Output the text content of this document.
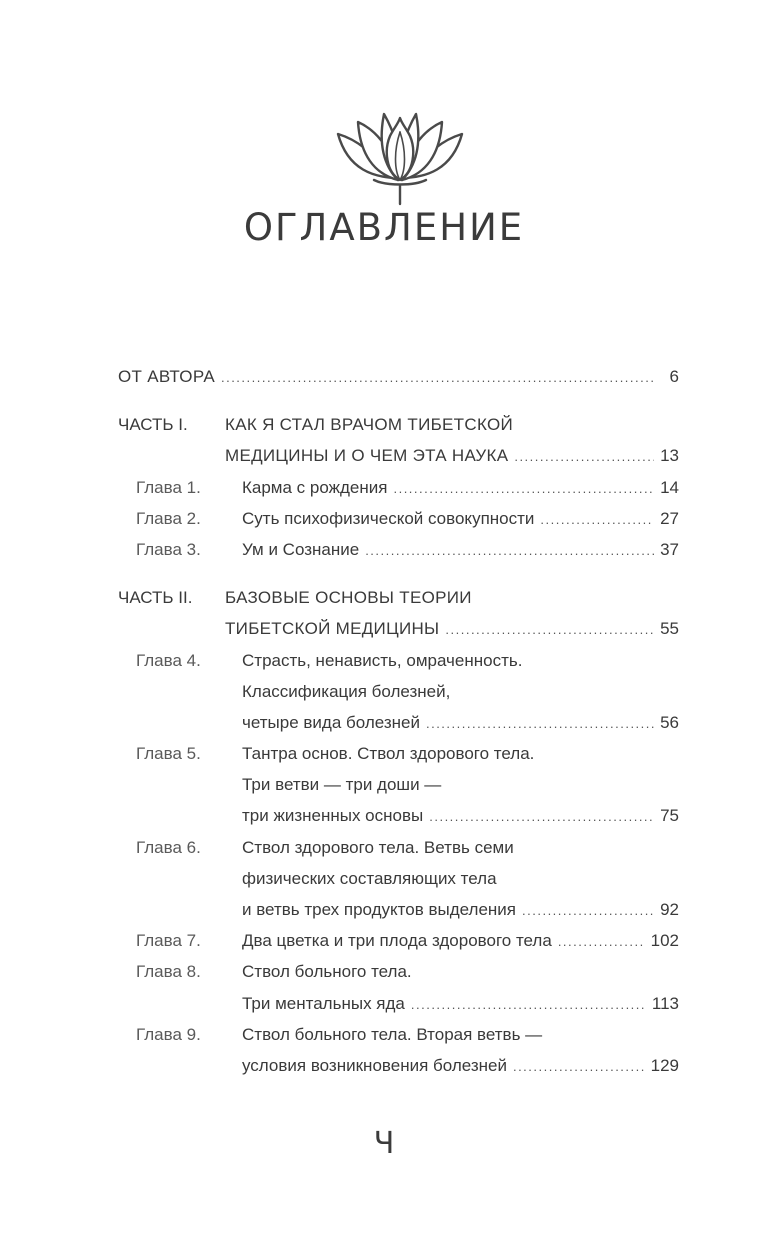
ОГЛАВЛЕНИЕ
ОТ АВТОРА .....	6
ЧАСТЬ I.	КАК Я СТАЛ ВРАЧОМ ТИБЕТСКОЙ
МЕДИЦИНЫ И О ЧЕМ ЭТА НАУКА .....	13
Глава 1.	Карма с рождения .....	14
Глава 2.	Суть психофизической совокупности .....	27
Глава 3.	Ум и Сознание .....	37
ЧАСТЬ II.	БАЗОВЫЕ ОСНОВЫ ТЕОРИИ
ТИБЕТСКОЙ МЕДИЦИНЫ .....	55
Глава 4.	Страсть, ненависть, омраченность.
Классификация болезней,
четыре вида болезней .....	56
Глава 5.	Тантра основ. Ствол здорового тела.
Три ветви — три доши —
три жизненных основы .....	75
Глава 6.	Ствол здорового тела. Ветвь семи
физических составляющих тела
и ветвь трех продуктов выделения .....	92
Глава 7.	Два цветка и три плода здорового тела .....	102
Глава 8.	Ствол больного тела.
Три ментальных яда .....	113
Глава 9.	Ствол больного тела. Вторая ветвь —
условия возникновения болезней .....	129
Ч
